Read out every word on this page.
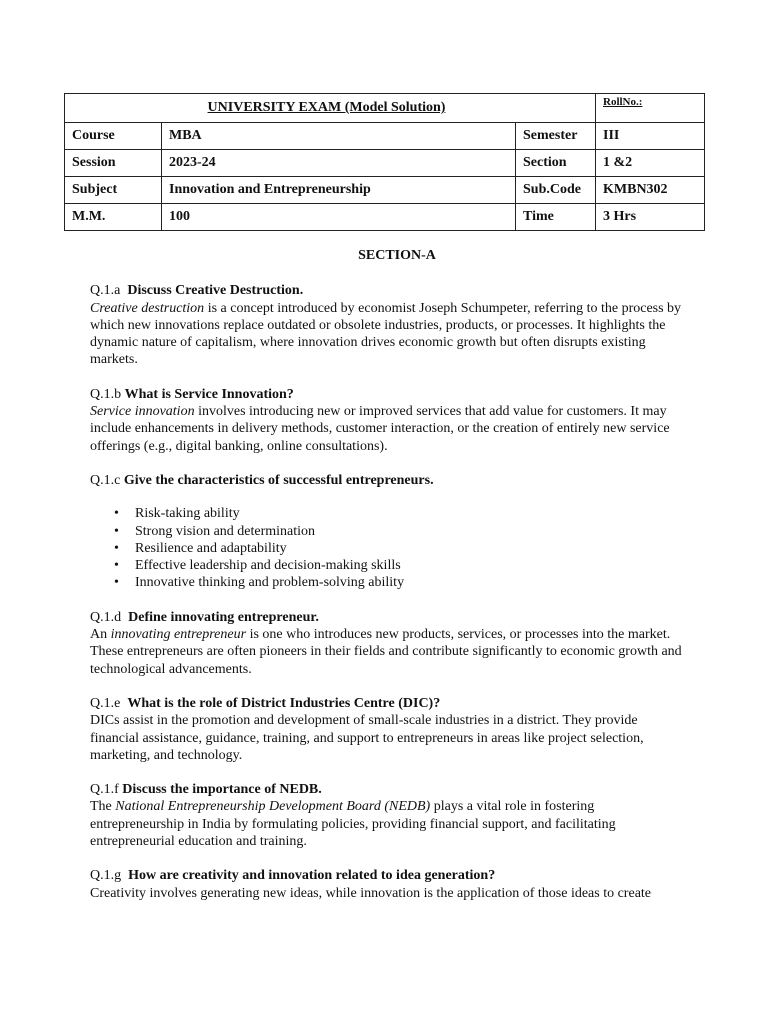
UNIVERSITY EXAM (Model Solution)			RollNo.:
Course	MBA	Semester	III
Session	2023-24	Section	1 &2
Subject	Innovation and Entrepreneurship	Sub.Code	KMBN302
M.M.	100	Time	3 Hrs
SECTION-A

Q.1.a Discuss Creative Destruction.

Creative destruction is a concept introduced by economist Joseph Schumpeter, referring to the process by which new innovations replace outdated or obsolete industries, products, or processes. It highlights the dynamic nature of capitalism, where innovation drives economic growth but often disrupts existing markets.

Q.1.b What is Service Innovation?

Service innovation involves introducing new or improved services that add value for customers. It may include enhancements in delivery methods, customer interaction, or the creation of entirely new service offerings (e.g., digital banking, online consultations).

Q.1.c Give the characteristics of successful entrepreneurs.

• Risk-taking ability
• Strong vision and determination
• Resilience and adaptability
• Effective leadership and decision-making skills
• Innovative thinking and problem-solving ability

Q.1.d Define innovating entrepreneur.

An innovating entrepreneur is one who introduces new products, services, or processes into the market. These entrepreneurs are often pioneers in their fields and contribute significantly to economic growth and technological advancements.

Q.1.e What is the role of District Industries Centre (DIC)?

DICs assist in the promotion and development of small-scale industries in a district. They provide financial assistance, guidance, training, and support to entrepreneurs in areas like project selection, marketing, and technology.

Q.1.f Discuss the importance of NEDB.

The National Entrepreneurship Development Board (NEDB) plays a vital role in fostering entrepreneurship in India by formulating policies, providing financial support, and facilitating entrepreneurial education and training.

Q.1.g How are creativity and innovation related to idea generation?

Creativity involves generating new ideas, while innovation is the application of those ideas to create
